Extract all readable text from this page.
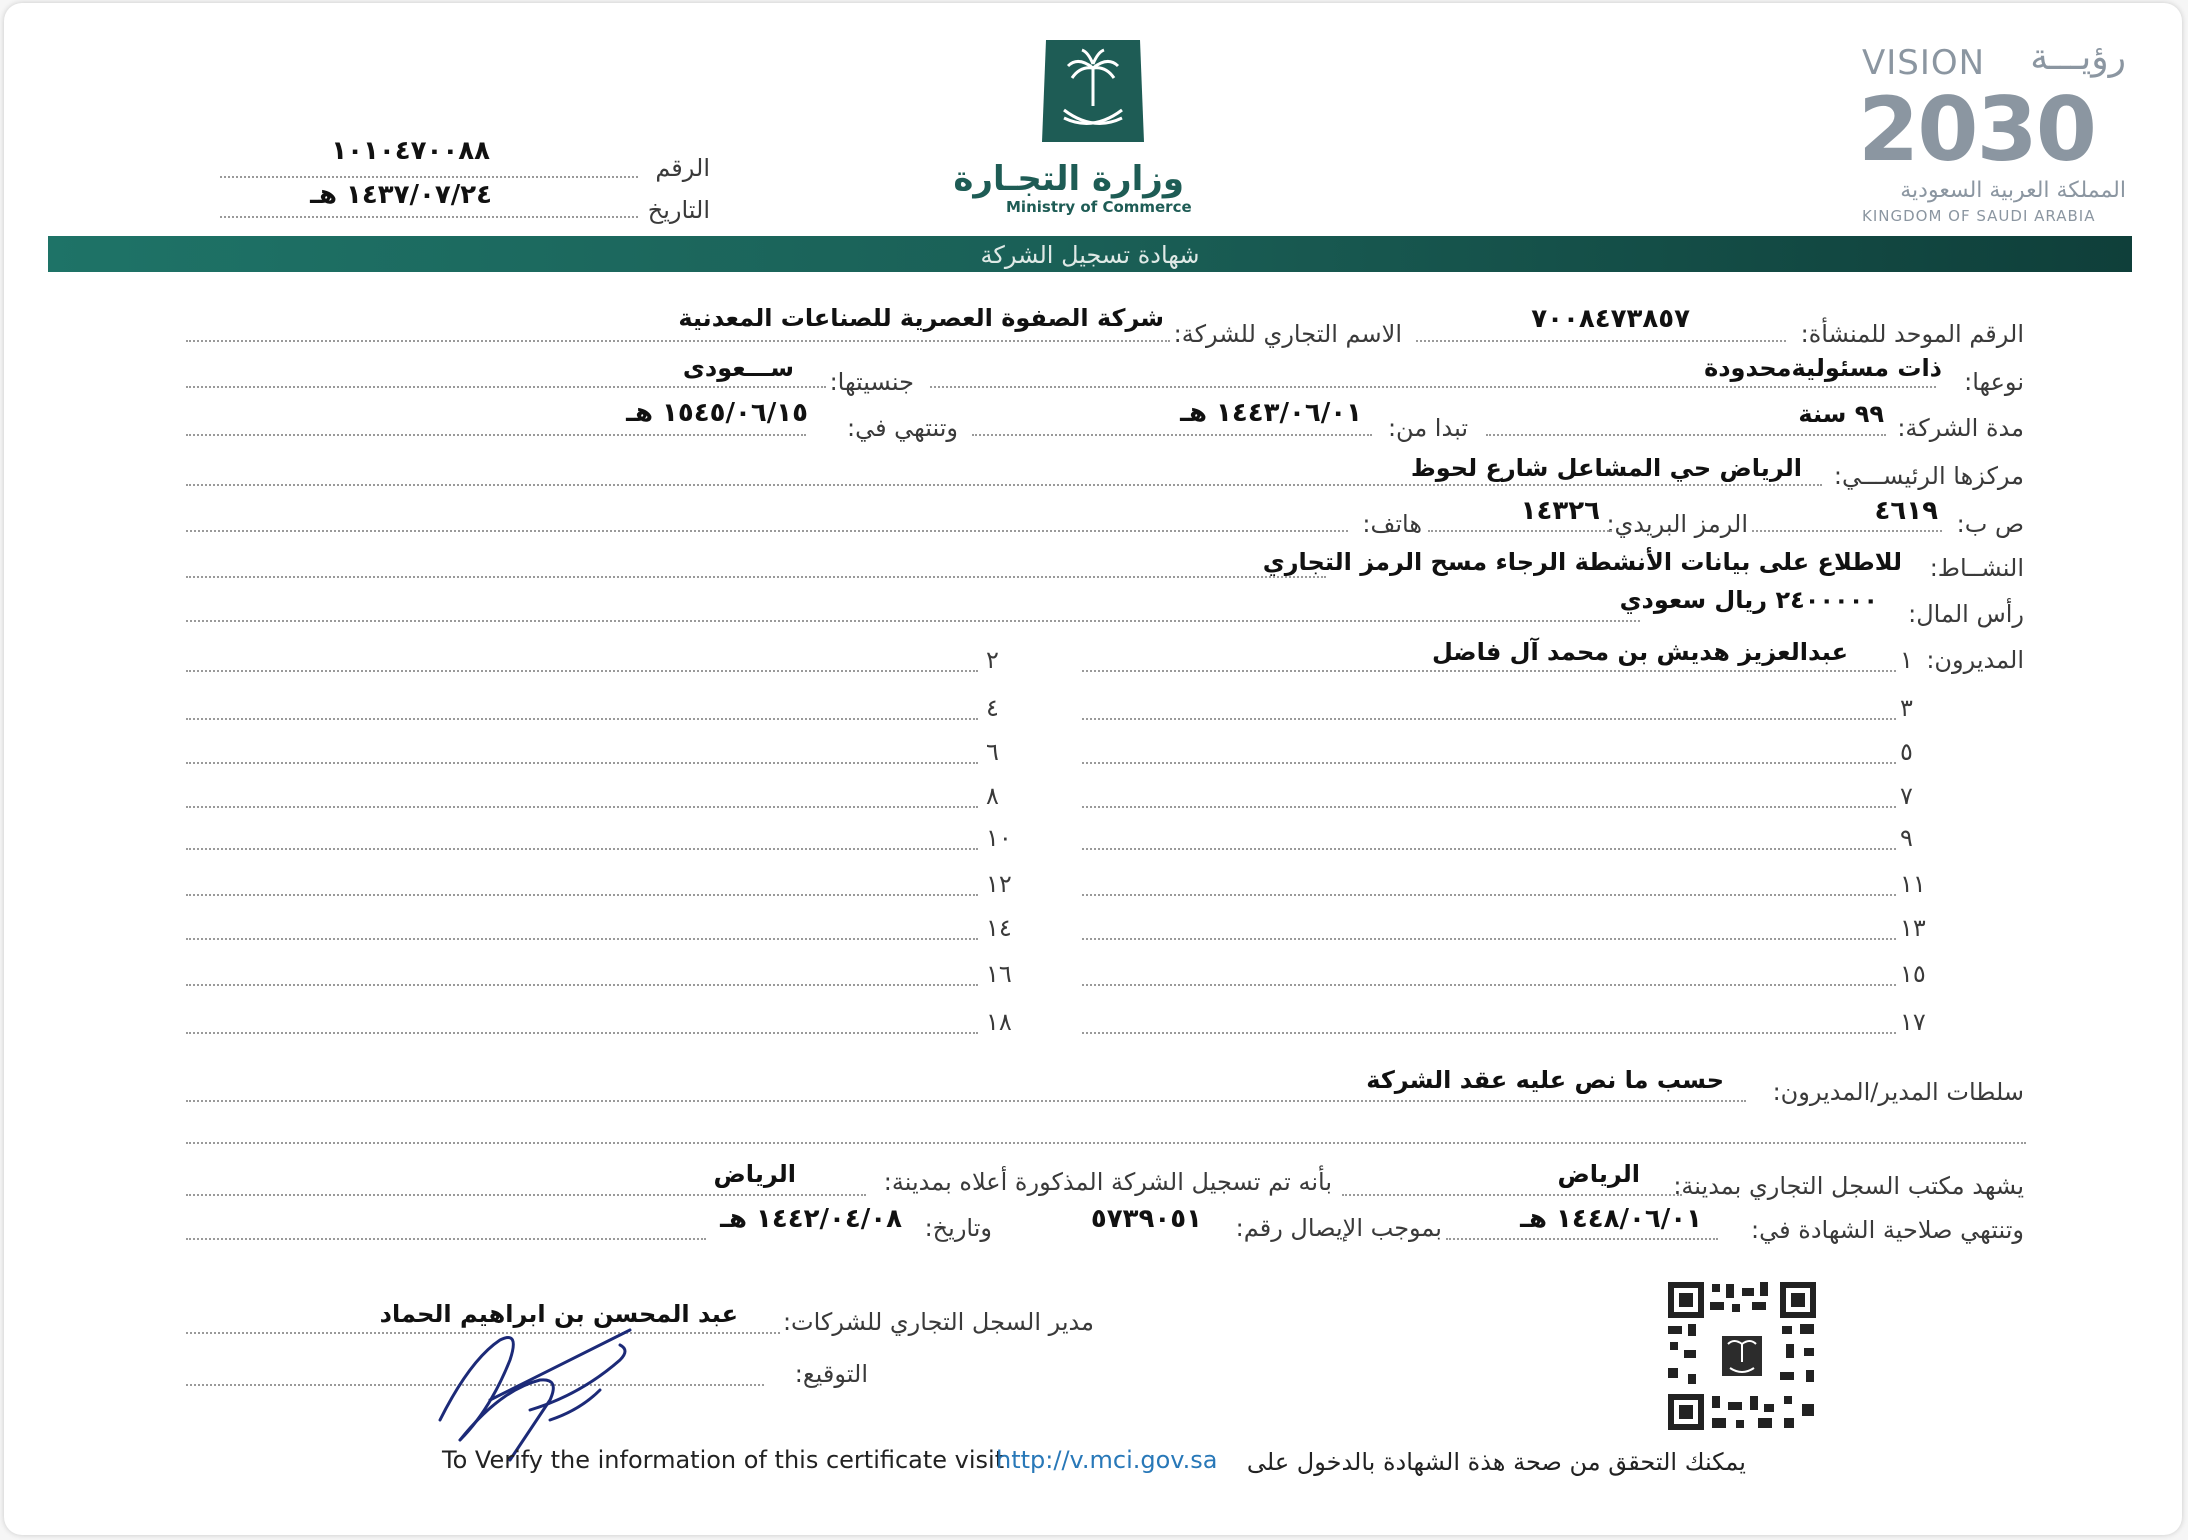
VISION رؤيـــة
2030
المملكة العربية السعودية
KINGDOM OF SAUDI ARABIA
وزارة التجـارة
Ministry of Commerce
الرقم
١٠١٠٤٧٠٠٨٨
التاريخ
١٤٣٧/٠٧/٢٤ هـ
شهادة تسجيل الشركة
الرقم الموحد للمنشأة:
٧٠٠٨٤٧٣٨٥٧
الاسم التجاري للشركة:
شركة الصفوة العصرية للصناعات المعدنية
نوعها:
ذات مسئوليةمحدودة
جنسيتها:
ســـعودى
مدة الشركة:
٩٩ سنة
تبدا من:
١٤٤٣/٠٦/٠١ هـ
وتنتهي في:
١٥٤٥/٠٦/١٥ هـ
مركزها الرئيســـي:
الرياض حي المشاعل شارع لحوظ
ص ب:
٤٦١٩
الرمز البريدي:
١٤٣٢٦
هاتف:
النشــاط:
للاطلاع على بيانات الأنشطة الرجاء مسح الرمز التجاري
رأس المال:
٢٤٠٠٠٠٠ ريال سعودي
المديرون:
عبدالعزيز هديش بن محمد آل فاضل
سلطات المدير/المديرون:
حسب ما نص عليه عقد الشركة
يشهد مكتب السجل التجاري بمدينة:
الرياض
بأنه تم تسجيل الشركة المذكورة أعلاه بمدينة:
الرياض
وتنتهي صلاحية الشهادة في:
١٤٤٨/٠٦/٠١ هـ
بموجب الإيصال رقم:
٥٧٣٩٠٥١
وتاريخ:
١٤٤٢/٠٤/٠٨ هـ
مدير السجل التجاري للشركات:
عبد المحسن بن ابراهيم الحماد
التوقيع:
To Verify the information of this certificate visit
http://v.mci.gov.sa يمكنك التحقق من صحة هذة الشهادة بالدخول على
١
٢
٣
٤
٥
٦
٧
٨
٩
١٠
١١
١٢
١٣
١٤
١٥
١٦
١٧
١٨
